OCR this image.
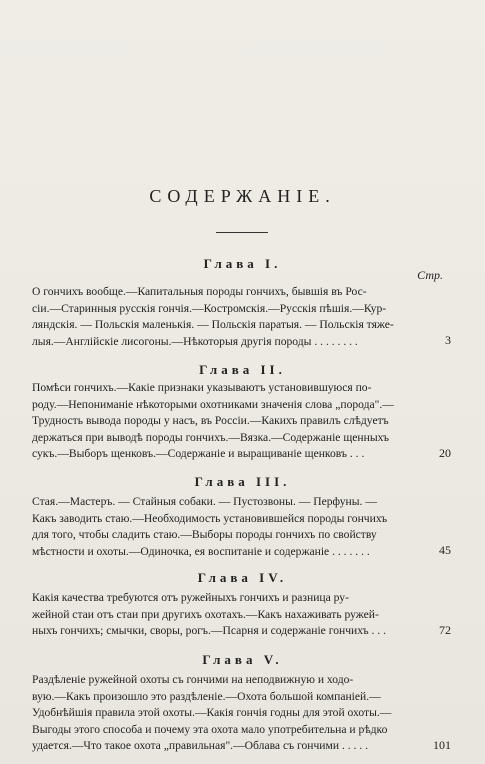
СОДЕРЖАНІЕ.
Стр.
Глава I.
О гончихъ вообще.—Капитальныя породы гончихъ, бывшія въ Рос-
сіи.—Старинныя русскія гончія.—Костромскія.—Русскія пѣшія.—Кур-
ляндскія. — Польскія маленькія. — Польскія паратыя. — Польскія тяже-
лыя.—Англійскіе лисогоны.—Нѣкоторыя другія породы . . . . . . . .	3
Глава II.
Помѣси гончихъ.—Какіе признаки указываютъ установившуюся по-
роду.—Непониманіе нѣкоторыми охотниками значенія слова „порода".—
Трудность вывода породы у насъ, въ Россіи.—Какихъ правилъ слѣдуетъ
держаться при выводѣ породы гончихъ.—Вязка.—Содержаніе щенныхъ
сукъ.—Выборъ щенковъ.—Содержаніе и выращиваніе щенковъ . . .	20
Глава III.
Стая.—Мастеръ. — Стайныя собаки. — Пустозвоны. — Перфуны. —
Какъ заводить стаю.—Необходимость установившейся породы гончихъ
для того, чтобы сладить стаю.—Выборы породы гончихъ по свойству
мѣстности и охоты.—Одиночка, ея воспитаніе и содержаніе . . . . . . .	45
Глава IV.
Какія качества требуются отъ ружейныхъ гончихъ и разница ру-
жейной стаи отъ стаи при другихъ охотахъ.—Какъ нахаживать ружей-
ныхъ гончихъ; смычки, своры, рогъ.—Псарня и содержаніе гончихъ . . .	72
Глава V.
Раздѣленіе ружейной охоты съ гончими на неподвижную и ходо-
вую.—Какъ произошло это раздѣленіе.—Охота большой компаніей.—
Удобнѣйшія правила этой охоты.—Какія гончія годны для этой охоты.—
Выгоды этого способа и почему эта охота мало употребительна и рѣдко
удается.—Что такое охота „правильная".—Облава съ гончими . . . . .	101
